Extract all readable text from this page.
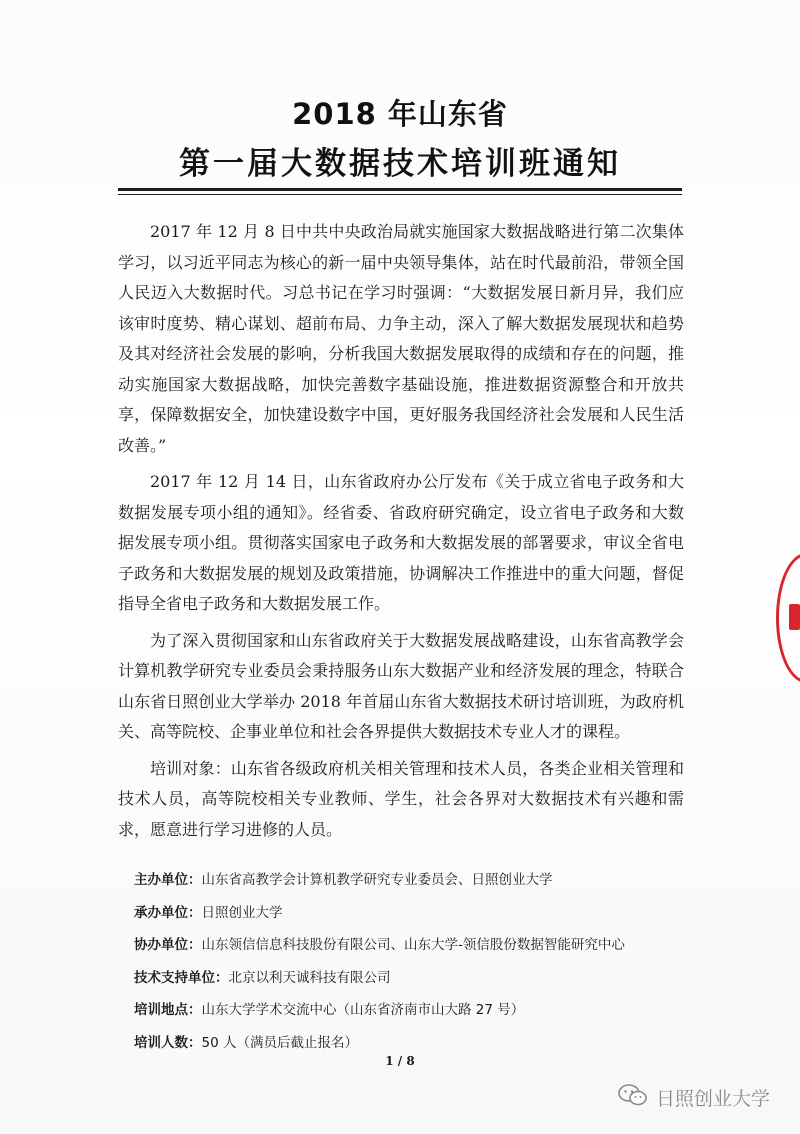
2018 年山东省
第一届大数据技术培训班通知

2017 年 12 月 8 日中共中央政治局就实施国家大数据战略进行第二次集体学习，以习近平同志为核心的新一届中央领导集体，站在时代最前沿，带领全国人民迈入大数据时代。习总书记在学习时强调：“大数据发展日新月异，我们应该审时度势、精心谋划、超前布局、力争主动，深入了解大数据发展现状和趋势及其对经济社会发展的影响，分析我国大数据发展取得的成绩和存在的问题，推动实施国家大数据战略，加快完善数字基础设施，推进数据资源整合和开放共享，保障数据安全，加快建设数字中国，更好服务我国经济社会发展和人民生活改善。”

2017 年 12 月 14 日，山东省政府办公厅发布《关于成立省电子政务和大数据发展专项小组的通知》。经省委、省政府研究确定，设立省电子政务和大数据发展专项小组。贯彻落实国家电子政务和大数据发展的部署要求，审议全省电子政务和大数据发展的规划及政策措施，协调解决工作推进中的重大问题，督促指导全省电子政务和大数据发展工作。

为了深入贯彻国家和山东省政府关于大数据发展战略建设，山东省高教学会计算机教学研究专业委员会秉持服务山东大数据产业和经济发展的理念，特联合山东省日照创业大学举办 2018 年首届山东省大数据技术研讨培训班，为政府机关、高等院校、企事业单位和社会各界提供大数据技术专业人才的课程。

培训对象：山东省各级政府机关相关管理和技术人员，各类企业相关管理和技术人员，高等院校相关专业教师、学生，社会各界对大数据技术有兴趣和需求，愿意进行学习进修的人员。

主办单位：山东省高教学会计算机教学研究专业委员会、日照创业大学
承办单位：日照创业大学
协办单位：山东领信信息科技股份有限公司、山东大学-领信股份数据智能研究中心
技术支持单位：北京以利天诚科技有限公司
培训地点：山东大学学术交流中心（山东省济南市山大路 27 号）
培训人数：50 人（满员后截止报名）
1 / 8
日照创业大学
